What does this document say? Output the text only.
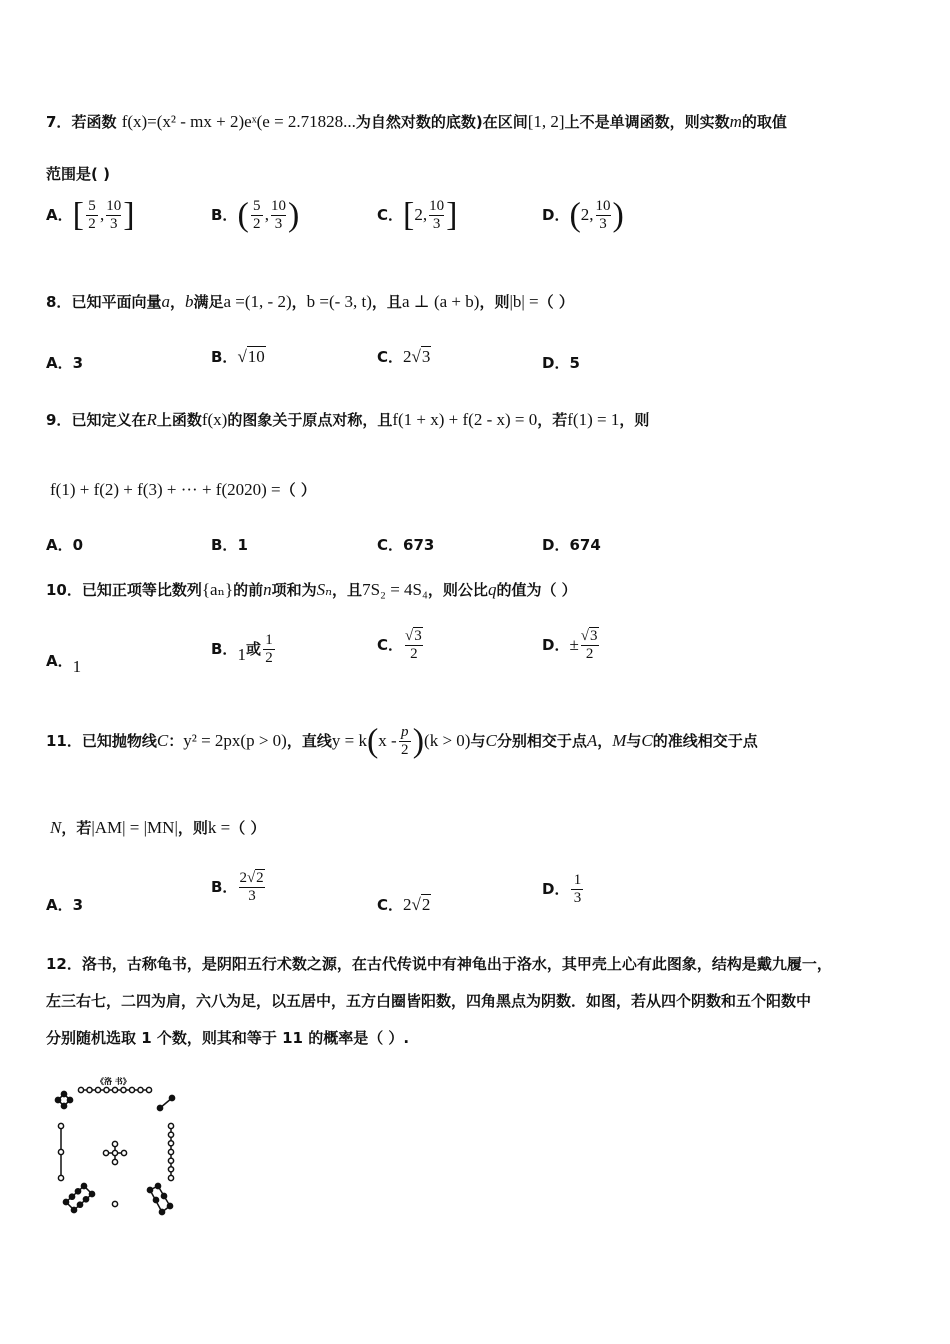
7．若函数 f(x)=(x² - mx + 2)eˣ(e = 2.71828...为自然对数的底数)在区间[1, 2]上不是单调函数，则实数m的取值
范围是( )
A．[ $\frac{5}{2}$ , $\frac{10}{3}$ ]	B．( $\frac{5}{2}$ , $\frac{10}{3}$ )	C．[2, $\frac{10}{3}$ ]	D．(2, $\frac{10}{3}$ )
8．已知平面向量a，b满足a =(1, - 2)，b =(- 3, t)，且a ⊥ (a + b)，则|b| =（ ）
A．3	B．√10	C．2√3	D．5
9．已知定义在R上函数f(x)的图象关于原点对称，且f(1 + x) + f(2 - x) = 0，若f(1) = 1，则
f(1) + f(2) + f(3) + ··· + f(2020) =（ ）
A．0	B．1	C．673	D．674
10．已知正项等比数列{aₙ}的前n项和为Sₙ，且7S₂ = 4S₄，则公比q的值为（ ）
A．1
B．1或 $\frac{1}{2}$	C． $\frac{√3}{2}$	D．± $\frac{√3}{2}$
11．已知抛物线C：y² = 2px(p > 0)，直线$y = k(x - \frac{p}{2} )(k > 0)$与C分别相交于点A，M与C的准线相交于点
N，若|AM| = |MN|，则k =（ ）
A．3
B． $\frac{2√2}{3}$	C．2√2
D． $\frac{1}{3}$
12．洛书，古称龟书，是阴阳五行术数之源，在古代传说中有神龟出于洛水，其甲壳上心有此图象，结构是戴九履一，
左三右七，二四为肩，六八为足，以五居中，五方白圈皆阳数，四角黑点为阴数．如图，若从四个阴数和五个阳数中
分别随机选取 1 个数，则其和等于 11 的概率是（ ）.
《洛 书》
